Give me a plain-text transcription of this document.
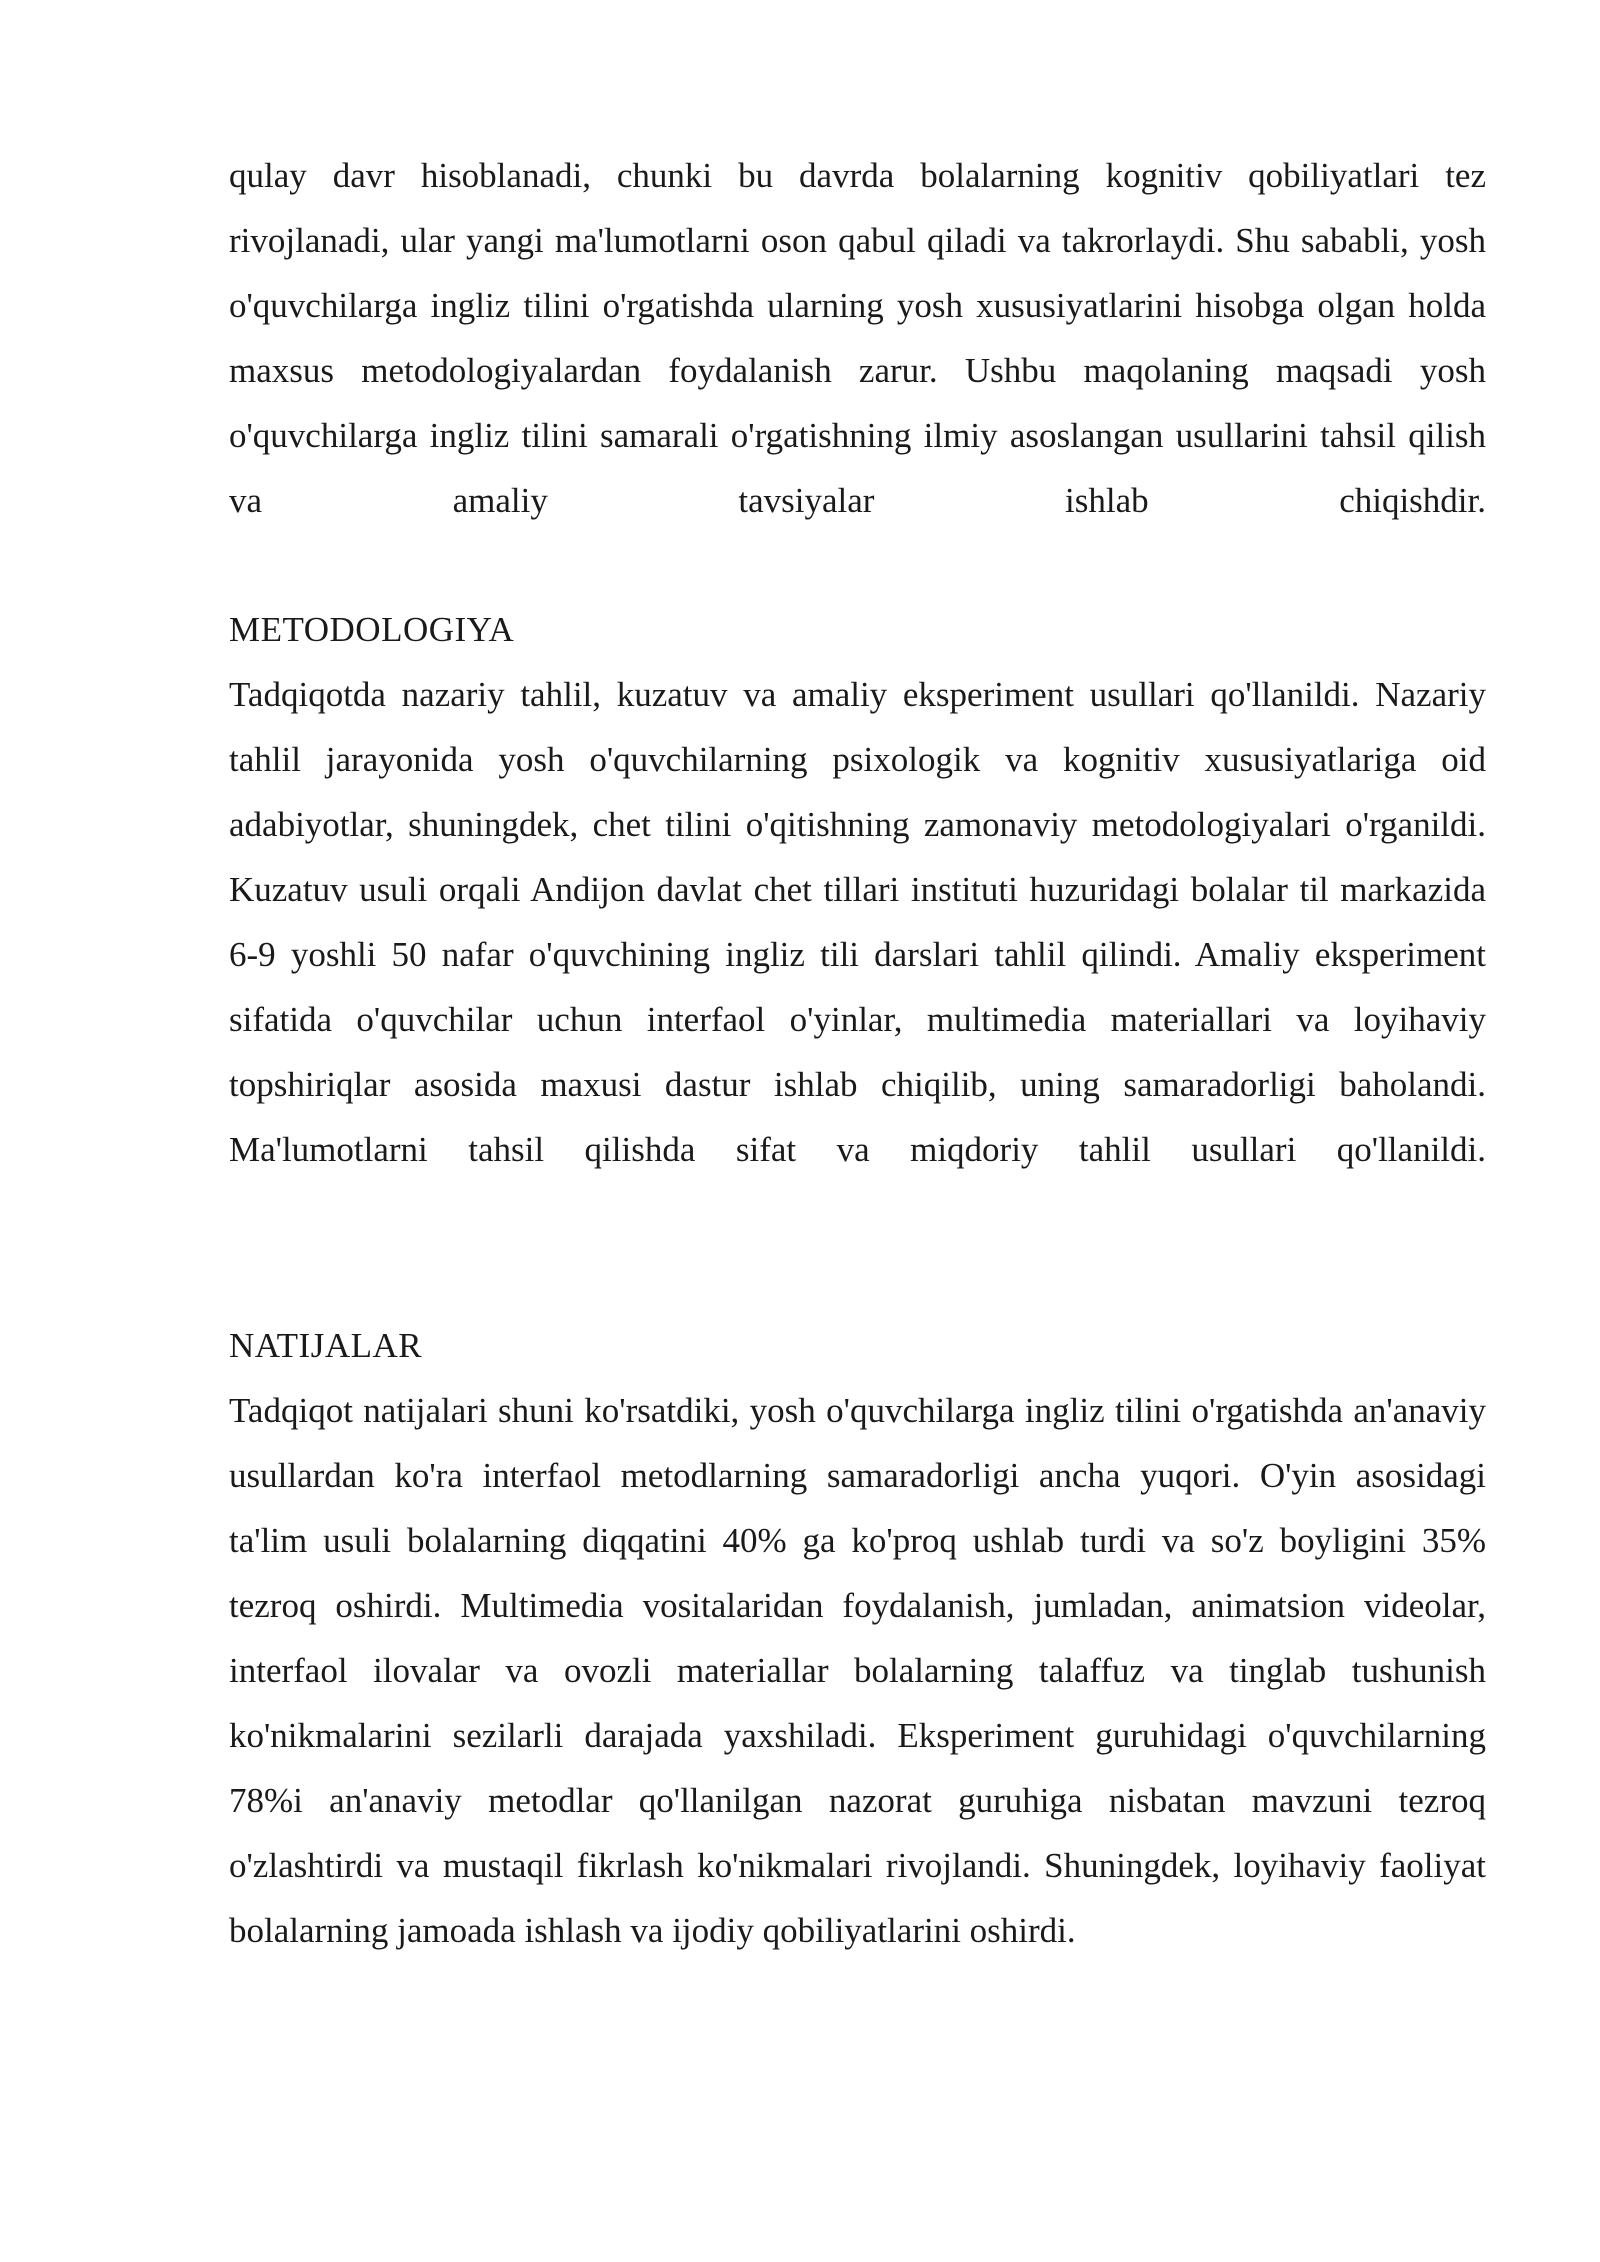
qulay davr hisoblanadi, chunki bu davrda bolalarning kognitiv qobiliyatlari tez rivojlanadi, ular yangi ma'lumotlarni oson qabul qiladi va takrorlaydi. Shu sababli, yosh o'quvchilarga ingliz tilini o'rgatishda ularning yosh xususiyatlarini hisobga olgan holda maxsus metodologiyalardan foydalanish zarur. Ushbu maqolaning maqsadi yosh o'quvchilarga ingliz tilini samarali o'rgatishning ilmiy asoslangan usullarini tahsil qilish va amaliy tavsiyalar ishlab chiqishdir.

METODOLOGIYA

Tadqiqotda nazariy tahlil, kuzatuv va amaliy eksperiment usullari qo'llanildi. Nazariy tahlil jarayonida yosh o'quvchilarning psixologik va kognitiv xususiyatlariga oid adabiyotlar, shuningdek, chet tilini o'qitishning zamonaviy metodologiyalari o'rganildi. Kuzatuv usuli orqali Andijon davlat chet tillari instituti huzuridagi bolalar til markazida 6-9 yoshli 50 nafar o'quvchining ingliz tili darslari tahlil qilindi. Amaliy eksperiment sifatida o'quvchilar uchun interfaol o'yinlar, multimedia materiallari va loyihaviy topshiriqlar asosida maxusi dastur ishlab chiqilib, uning samaradorligi baholandi. Ma'lumotlarni tahsil qilishda sifat va miqdoriy tahlil usullari qo'llanildi.

NATIJALAR

Tadqiqot natijalari shuni ko'rsatdiki, yosh o'quvchilarga ingliz tilini o'rgatishda an'anaviy usullardan ko'ra interfaol metodlarning samaradorligi ancha yuqori. O'yin asosidagi ta'lim usuli bolalarning diqqatini 40% ga ko'proq ushlab turdi va so'z boyligini 35% tezroq oshirdi. Multimedia vositalaridan foydalanish, jumladan, animatsion videolar, interfaol ilovalar va ovozli materiallar bolalarning talaffuz va tinglab tushunish ko'nikmalarini sezilarli darajada yaxshiladi. Eksperiment guruhidagi o'quvchilarning 78%i an'anaviy metodlar qo'llanilgan nazorat guruhiga nisbatan mavzuni tezroq o'zlashtirdi va mustaqil fikrlash ko'nikmalari rivojlandi. Shuningdek, loyihaviy faoliyat bolalarning jamoada ishlash va ijodiy qobiliyatlarini oshirdi.
